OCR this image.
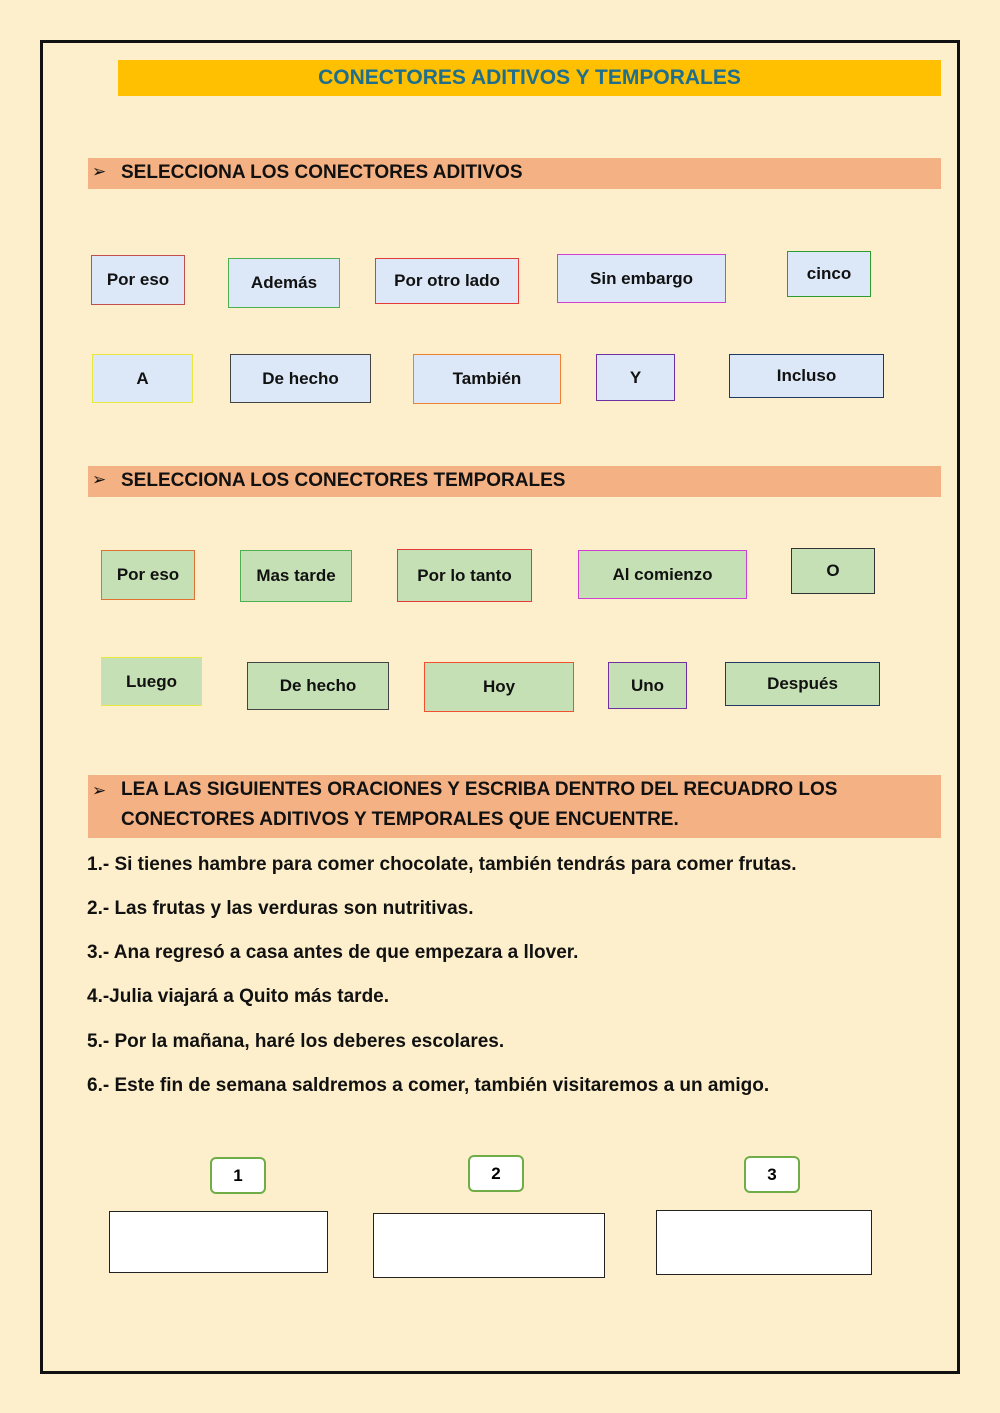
CONECTORES ADITIVOS Y TEMPORALES
➢ SELECCIONA LOS CONECTORES ADITIVOS
Por eso	Además	Por otro lado	Sin embargo	cinco
A	De hecho	También	Y	Incluso
➢ SELECCIONA LOS CONECTORES TEMPORALES
Por eso	Mas tarde	Por lo tanto	Al comienzo	O
Luego	De hecho	Hoy	Uno	Después
➢ LEA LAS SIGUIENTES ORACIONES Y ESCRIBA DENTRO DEL RECUADRO LOS
CONECTORES ADITIVOS Y TEMPORALES QUE ENCUENTRE.
1.- Si tienes hambre para comer chocolate, también tendrás para comer frutas.
2.- Las frutas y las verduras son nutritivas.
3.- Ana regresó a casa antes de que empezara a llover.
4.-Julia viajará a Quito más tarde.
5.- Por la mañana, haré los deberes escolares.
6.- Este fin de semana saldremos a comer, también visitaremos a un amigo.
1	2	3
